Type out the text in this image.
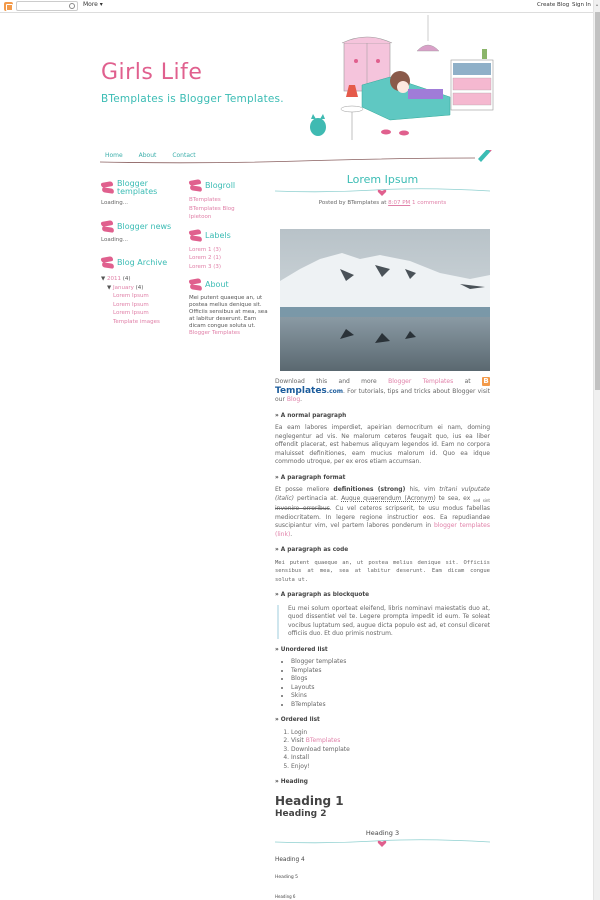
More ▾	Create Blog Sign In
Girls Life
BTemplates is Blogger Templates.
Home	About	Contact
Blogger templates
Loading...
Blogger news
Loading...
Blog Archive
▼ 2011 (4)
▼ January (4)
Lorem Ipsum
Lorem Ipsum
Lorem Ipsum
Template images
Blogroll
BTemplates
BTemplates Blog
Ipietoon
Labels
Lorem 1 (3)
Lorem 2 (1)
Lorem 3 (3)
About
Mei putent quaeque an, ut postea melius denique sit. Officiis sensibus at mea, sea at labitur deserunt. Eam dicam congue soluta ut.
Blogger Templates
Lorem Ipsum
Posted by BTemplates at 8:07 PM 1 comments
Download this and more Blogger Templates at BTemplates.com. For tutorials, tips and tricks about Blogger visit our Blog.
» A normal paragraph
Ea eam labores imperdiet, apeirian democritum ei nam, doming neglegentur ad vis. Ne malorum ceteros feugait quo, ius ea liber offendit placerat, est habemus aliquyam legendos id. Eam no corpora maluisset definitiones, eam mucius malorum id. Quo ea idque commodo utroque, per ex eros etiam accumsan.
» A paragraph format
Et posse meliore definitiones (strong) his, vim tritani vulputate (italic) pertinacia at. Augue quaerendum (Acronym) te sea, ex $_{sed sint}$ invenire erroribus. Cu vel ceteros scripserit, te usu modus fabellas mediocritatem. In legere regione instructior eos. Ea repudiandae suscipiantur vim, vel partem labores ponderum in blogger templates (link).
» A paragraph as code
Mei putent quaeque an, ut postea melius denique sit. Officiis sensibus at mea, sea at labitur deserunt. Eam dicam congue soluta ut.
» A paragraph as blockquote
Eu mei solum oporteat eleifend, libris nominavi maiestatis duo at, quod dissentiet vel te. Legere prompta impedit id eum. Te soleat vocibus luptatum sed, augue dicta populo est ad, et consul diceret officiis duo. Et duo primis nostrum.
» Unordered list
• Blogger templates
• Templates
• Blogs
• Layouts
• Skins
• BTemplates
» Ordered list
1. Login
2. Visit BTemplates
3. Download template
4. Install
5. Enjoy!
» Heading
Heading 1
Heading 2
Heading 3
Heading 4
Heading 5
Heading 6
